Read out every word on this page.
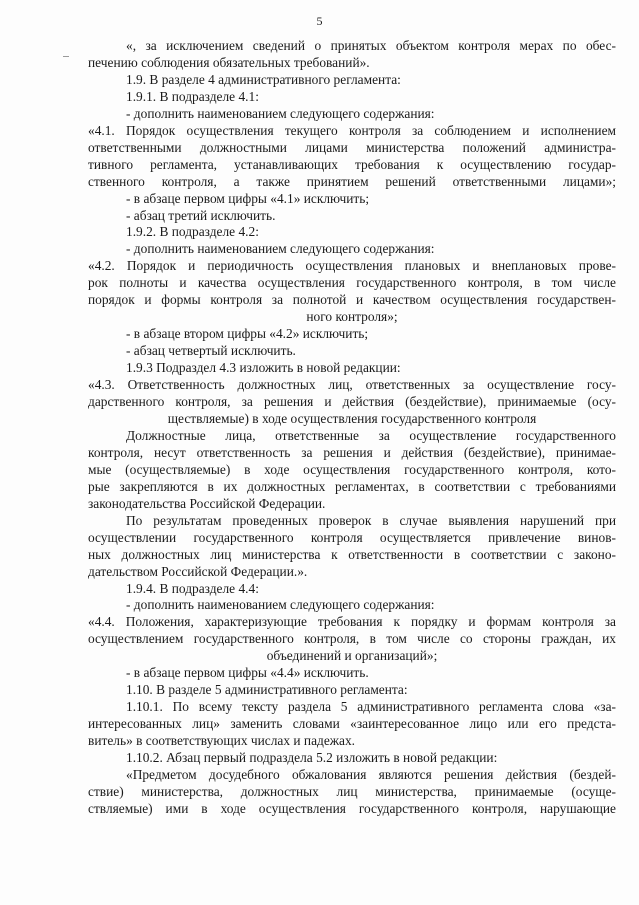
5
«, за исключением сведений о принятых объектом контроля мерах по обес-
печению соблюдения обязательных требований».
1.9. В разделе 4 административного регламента:
1.9.1. В подразделе 4.1:
- дополнить наименованием следующего содержания:
«4.1. Порядок осуществления текущего контроля за соблюдением и исполнением
ответственными должностными лицами министерства положений администра-
тивного регламента, устанавливающих требования к осуществлению государ-
ственного контроля, а также принятием решений ответственными лицами»;
- в абзаце первом цифры «4.1» исключить;
- абзац третий исключить.
1.9.2. В подразделе 4.2:
- дополнить наименованием следующего содержания:
«4.2. Порядок и периодичность осуществления плановых и внеплановых прове-
рок полноты и качества осуществления государственного контроля, в том числе
порядок и формы контроля за полнотой и качеством осуществления государствен-
ного контроля»;
- в абзаце втором цифры «4.2» исключить;
- абзац четвертый исключить.
1.9.3 Подраздел 4.3 изложить в новой редакции:
«4.3. Ответственность должностных лиц, ответственных за осуществление госу-
дарственного контроля, за решения и действия (бездействие), принимаемые (осу-
ществляемые) в ходе осуществления государственного контроля
Должностные лица, ответственные за осуществление государственного
контроля, несут ответственность за решения и действия (бездействие), принимае-
мые (осуществляемые) в ходе осуществления государственного контроля, кото-
рые закрепляются в их должностных регламентах, в соответствии с требованиями
законодательства Российской Федерации.
По результатам проведенных проверок в случае выявления нарушений при
осуществлении государственного контроля осуществляется привлечение винов-
ных должностных лиц министерства к ответственности в соответствии с законо-
дательством Российской Федерации.».
1.9.4. В подразделе 4.4:
- дополнить наименованием следующего содержания:
«4.4. Положения, характеризующие требования к порядку и формам контроля за
осуществлением государственного контроля, в том числе со стороны граждан, их
объединений и организаций»;
- в абзаце первом цифры «4.4» исключить.
1.10. В разделе 5 административного регламента:
1.10.1. По всему тексту раздела 5 административного регламента слова «за-
интересованных лиц» заменить словами «заинтересованное лицо или его предста-
витель» в соответствующих числах и падежах.
1.10.2. Абзац первый подраздела 5.2 изложить в новой редакции:
«Предметом досудебного обжалования являются решения действия (бездей-
ствие) министерства, должностных лиц министерства, принимаемые (осуще-
ствляемые) ими в ходе осуществления государственного контроля, нарушающие
